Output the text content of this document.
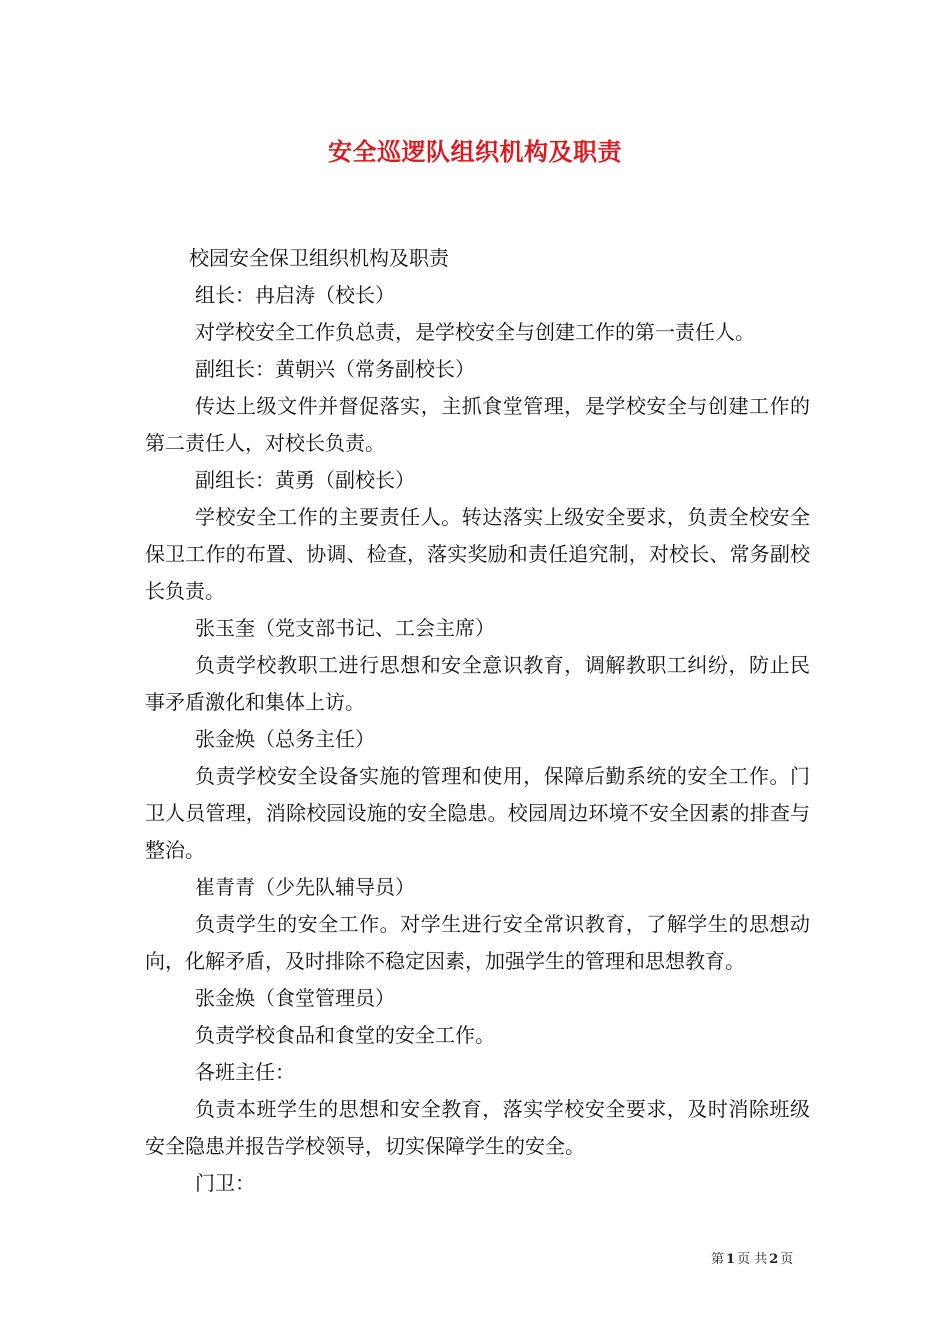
安全巡逻队组织机构及职责

校园安全保卫组织机构及职责

组长：冉启涛（校长）

对学校安全工作负总责，是学校安全与创建工作的第一责任人。

副组长：黄朝兴（常务副校长）

传达上级文件并督促落实，主抓食堂管理，是学校安全与创建工作的第二责任人，对校长负责。

副组长：黄勇（副校长）

学校安全工作的主要责任人。转达落实上级安全要求，负责全校安全保卫工作的布置、协调、检查，落实奖励和责任追究制，对校长、常务副校长负责。

张玉奎（党支部书记、工会主席）

负责学校教职工进行思想和安全意识教育，调解教职工纠纷，防止民事矛盾激化和集体上访。

张金焕（总务主任）

负责学校安全设备实施的管理和使用，保障后勤系统的安全工作。门卫人员管理，消除校园设施的安全隐患。校园周边环境不安全因素的排查与整治。

崔青青（少先队辅导员）

负责学生的安全工作。对学生进行安全常识教育，了解学生的思想动向，化解矛盾，及时排除不稳定因素，加强学生的管理和思想教育。

张金焕（食堂管理员）

负责学校食品和食堂的安全工作。

各班主任：

负责本班学生的思想和安全教育，落实学校安全要求，及时消除班级安全隐患并报告学校领导，切实保障学生的安全。

门卫：

第 1 页 共 2 页
